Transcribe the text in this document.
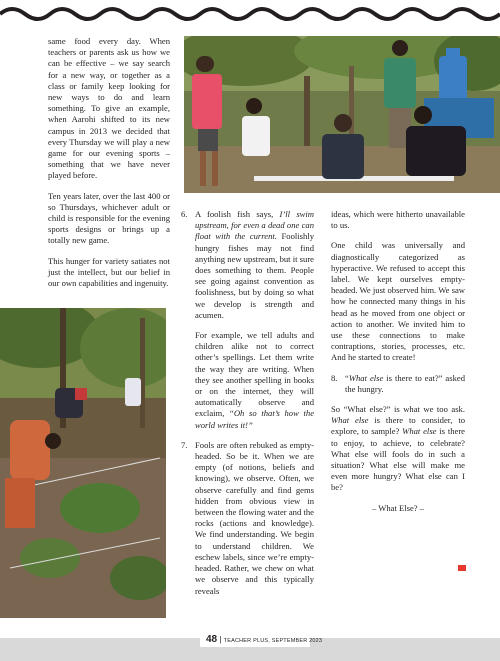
same food every day. When teachers or parents ask us how we can be effective – we say search for a new way, or together as a class or family keep looking for new ways to do and learn something. To give an example, when Aarohi shifted to its new campus in 2013 we decided that every Thursday we will play a new game for our evening sports – something that we have never played before.

Ten years later, over the last 400 or so Thursdays, whichever adult or child is responsible for the evening sports designs or brings up a totally new game.

This hunger for variety satiates not just the intellect, but our belief in our own capabilities and ingenuity.

6. A foolish fish says, I’ll swim upstream, for even a dead one can float with the current. Foolishly hungry fishes may not find anything new upstream, but it sure does something to them. People see going against convention as foolishness, but by doing so what we develop is strength and acumen.

For example, we tell adults and children alike not to correct other’s spellings. Let them write the way they are writing. When they see another spelling in books or on the internet, they will automatically observe and exclaim, “Oh so that’s how the world writes it!”

7. Fools are often rebuked as empty-headed. So be it. When we are empty (of notions, beliefs and knowing), we observe. Often, we observe carefully and find gems hidden from obvious view in between the flowing water and the rocks (actions and knowledge). We find understanding. We begin to understand children. We eschew labels, since we’re empty-headed. Rather, we chew on what we observe and this typically reveals

ideas, which were hitherto unavailable to us.

One child was universally and diagnostically categorized as hyperactive. We refused to accept this label. We kept ourselves empty-headed. We just observed him. We saw how he connected many things in his head as he moved from one object or action to another. We invited him to use these connections to make contraptions, stories, processes, etc. And he started to create!

8. “What else is there to eat?” asked the hungry.

So “What else?” is what we too ask. What else is there to consider, to explore, to sample? What else is there to enjoy, to achieve, to celebrate? What else will fools do in such a situation? What else will make me even more hungry? What else can I be?

– What Else? –

48 | TEACHER PLUS, SEPTEMBER 2023
